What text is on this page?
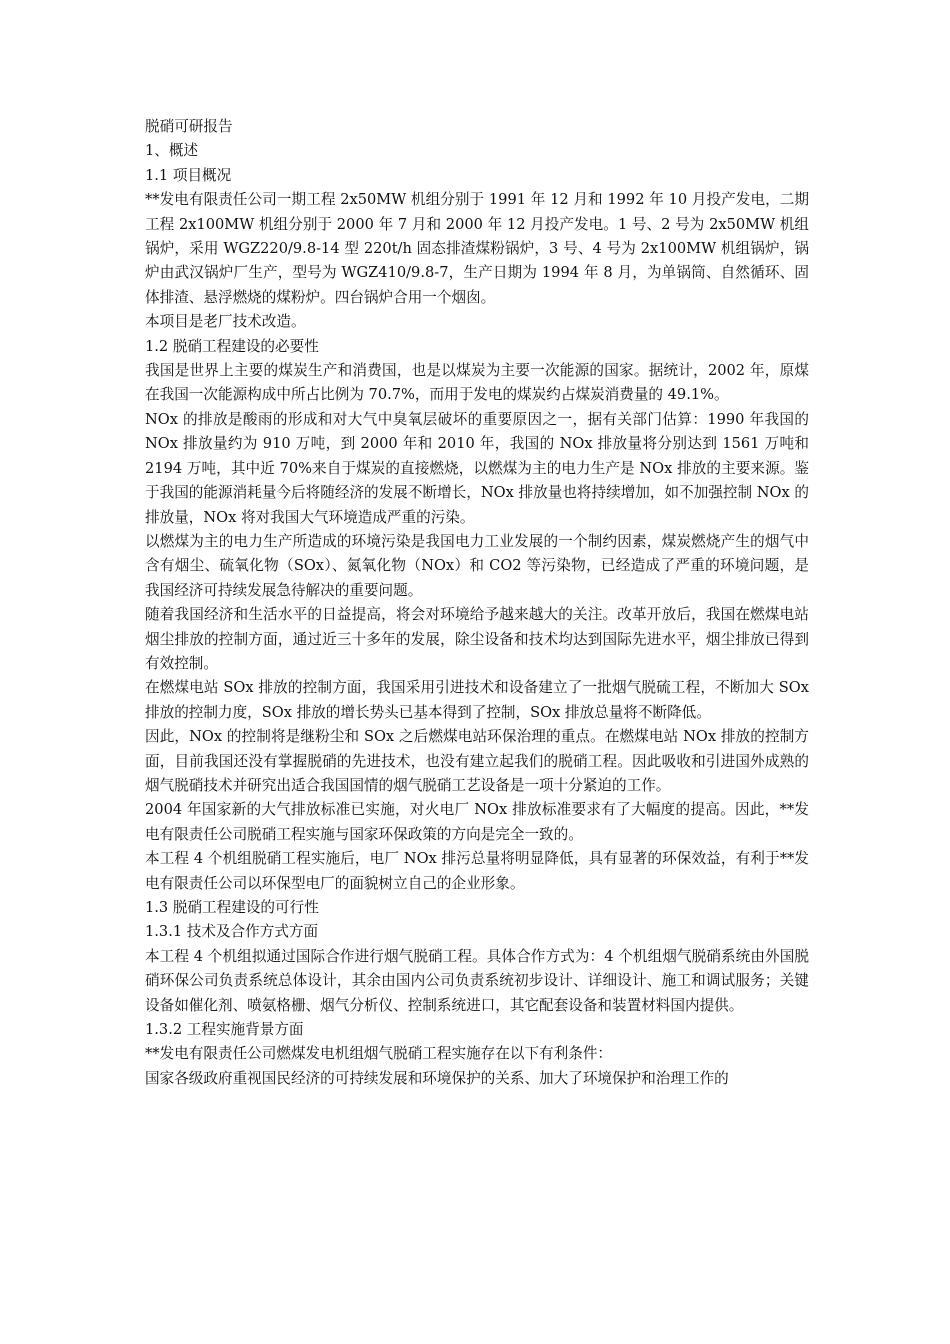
脱硝可研报告

1、概述

1.1 项目概况

**发电有限责任公司一期工程 2x50MW 机组分别于 1991 年 12 月和 1992 年 10 月投产发电，二期工程 2x100MW 机组分别于 2000 年 7 月和 2000 年 12 月投产发电。1 号、2 号为 2x50MW 机组锅炉，采用 WGZ220/9.8-14 型 220t/h 固态排渣煤粉锅炉，3 号、4 号为 2x100MW 机组锅炉，锅炉由武汉锅炉厂生产，型号为 WGZ410/9.8-7，生产日期为 1994 年 8 月，为单锅筒、自然循环、固体排渣、悬浮燃烧的煤粉炉。四台锅炉合用一个烟囱。

本项目是老厂技术改造。

1.2 脱硝工程建设的必要性

我国是世界上主要的煤炭生产和消费国，也是以煤炭为主要一次能源的国家。据统计，2002 年，原煤在我国一次能源构成中所占比例为 70.7%，而用于发电的煤炭约占煤炭消费量的 49.1%。

NOx 的排放是酸雨的形成和对大气中臭氧层破坏的重要原因之一，据有关部门估算：1990 年我国的 NOx 排放量约为 910 万吨，到 2000 年和 2010 年，我国的 NOx 排放量将分别达到 1561 万吨和 2194 万吨，其中近 70%来自于煤炭的直接燃烧，以燃煤为主的电力生产是 NOx 排放的主要来源。鉴于我国的能源消耗量今后将随经济的发展不断增长，NOx 排放量也将持续增加，如不加强控制 NOx 的排放量，NOx 将对我国大气环境造成严重的污染。

以燃煤为主的电力生产所造成的环境污染是我国电力工业发展的一个制约因素，煤炭燃烧产生的烟气中含有烟尘、硫氧化物（SOx）、氮氧化物（NOx）和 CO2 等污染物，已经造成了严重的环境问题，是我国经济可持续发展急待解决的重要问题。

随着我国经济和生活水平的日益提高，将会对环境给予越来越大的关注。改革开放后，我国在燃煤电站烟尘排放的控制方面，通过近三十多年的发展，除尘设备和技术均达到国际先进水平，烟尘排放已得到有效控制。

在燃煤电站 SOx 排放的控制方面，我国采用引进技术和设备建立了一批烟气脱硫工程，不断加大 SOx 排放的控制力度，SOx 排放的增长势头已基本得到了控制，SOx 排放总量将不断降低。

因此，NOx 的控制将是继粉尘和 SOx 之后燃煤电站环保治理的重点。在燃煤电站 NOx 排放的控制方面，目前我国还没有掌握脱硝的先进技术，也没有建立起我们的脱硝工程。因此吸收和引进国外成熟的烟气脱硝技术并研究出适合我国国情的烟气脱硝工艺设备是一项十分紧迫的工作。

2004 年国家新的大气排放标准已实施，对火电厂 NOx 排放标准要求有了大幅度的提高。因此，**发电有限责任公司脱硝工程实施与国家环保政策的方向是完全一致的。

本工程 4 个机组脱硝工程实施后，电厂 NOx 排污总量将明显降低，具有显著的环保效益，有利于**发电有限责任公司以环保型电厂的面貌树立自己的企业形象。

1.3 脱硝工程建设的可行性

1.3.1 技术及合作方式方面

本工程 4 个机组拟通过国际合作进行烟气脱硝工程。具体合作方式为：4 个机组烟气脱硝系统由外国脱硝环保公司负责系统总体设计，其余由国内公司负责系统初步设计、详细设计、施工和调试服务；关键设备如催化剂、喷氨格栅、烟气分析仪、控制系统进口，其它配套设备和装置材料国内提供。

1.3.2 工程实施背景方面

**发电有限责任公司燃煤发电机组烟气脱硝工程实施存在以下有利条件：

国家各级政府重视国民经济的可持续发展和环境保护的关系、加大了环境保护和治理工作的
